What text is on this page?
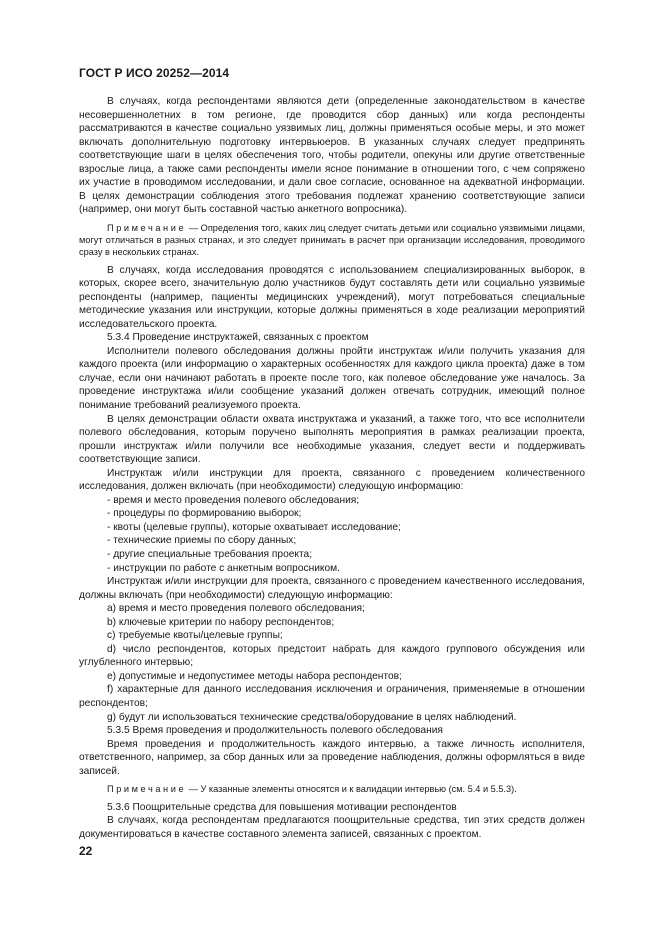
ГОСТ Р ИСО 20252—2014

В случаях, когда респондентами являются дети (определенные законодательством в качестве несовершеннолетних в том регионе, где проводится сбор данных) или когда респонденты рассматриваются в качестве социально уязвимых лиц, должны применяться особые меры, и это может включать дополнительную подготовку интервьюеров. В указанных случаях следует предпринять соответствующие шаги в целях обеспечения того, чтобы родители, опекуны или другие ответственные взрослые лица, а также сами респонденты имели ясное понимание в отношении того, с чем сопряжено их участие в проводимом исследовании, и дали свое согласие, основанное на адекватной информации. В целях демонстрации соблюдения этого требования подлежат хранению соответствующие записи (например, они могут быть составной частью анкетного вопросника).

Примечание — Определения того, каких лиц следует считать детьми или социально уязвимыми лицами, могут отличаться в разных странах, и это следует принимать в расчет при организации исследования, проводимого сразу в нескольких странах.

В случаях, когда исследования проводятся с использованием специализированных выборок, в которых, скорее всего, значительную долю участников будут составлять дети или социально уязвимые респонденты (например, пациенты медицинских учреждений), могут потребоваться специальные методические указания или инструкции, которые должны применяться в ходе реализации мероприятий исследовательского проекта.

5.3.4 Проведение инструктажей, связанных с проектом

Исполнители полевого обследования должны пройти инструктаж и/или получить указания для каждого проекта (или информацию о характерных особенностях для каждого цикла проекта) даже в том случае, если они начинают работать в проекте после того, как полевое обследование уже началось. За проведение инструктажа и/или сообщение указаний должен отвечать сотрудник, имеющий полное понимание требований реализуемого проекта.

В целях демонстрации области охвата инструктажа и указаний, а также того, что все исполнители полевого обследования, которым поручено выполнять мероприятия в рамках реализации проекта, прошли инструктаж и/или получили все необходимые указания, следует вести и поддерживать соответствующие записи.

Инструктаж и/или инструкции для проекта, связанного с проведением количественного исследования, должен включать (при необходимости) следующую информацию:

- время и место проведения полевого обследования;

- процедуры по формированию выборок;

- квоты (целевые группы), которые охватывает исследование;

- технические приемы по сбору данных;

- другие специальные требования проекта;

- инструкции по работе с анкетным вопросником.

Инструктаж и/или инструкции для проекта, связанного с проведением качественного исследования, должны включать (при необходимости) следующую информацию:

a) время и место проведения полевого обследования;

b) ключевые критерии по набору респондентов;

c) требуемые квоты/целевые группы;

d) число респондентов, которых предстоит набрать для каждого группового обсуждения или углубленного интервью;

e) допустимые и недопустимее методы набора респондентов;

f) характерные для данного исследования исключения и ограничения, применяемые в отношении респондентов;

g) будут ли использоваться технические средства/оборудование в целях наблюдений.

5.3.5 Время проведения и продолжительность полевого обследования

Время проведения и продолжительность каждого интервью, а также личность исполнителя, ответственного, например, за сбор данных или за проведение наблюдения, должны оформляться в виде записей.

Примечание — У казанные элементы относятся и к валидации интервью (см. 5.4 и 5.5.3).

5.3.6 Поощрительные средства для повышения мотивации респондентов

В случаях, когда респондентам предлагаются поощрительные средства, тип этих средств должен документироваться в качестве составного элемента записей, связанных с проектом.

22
